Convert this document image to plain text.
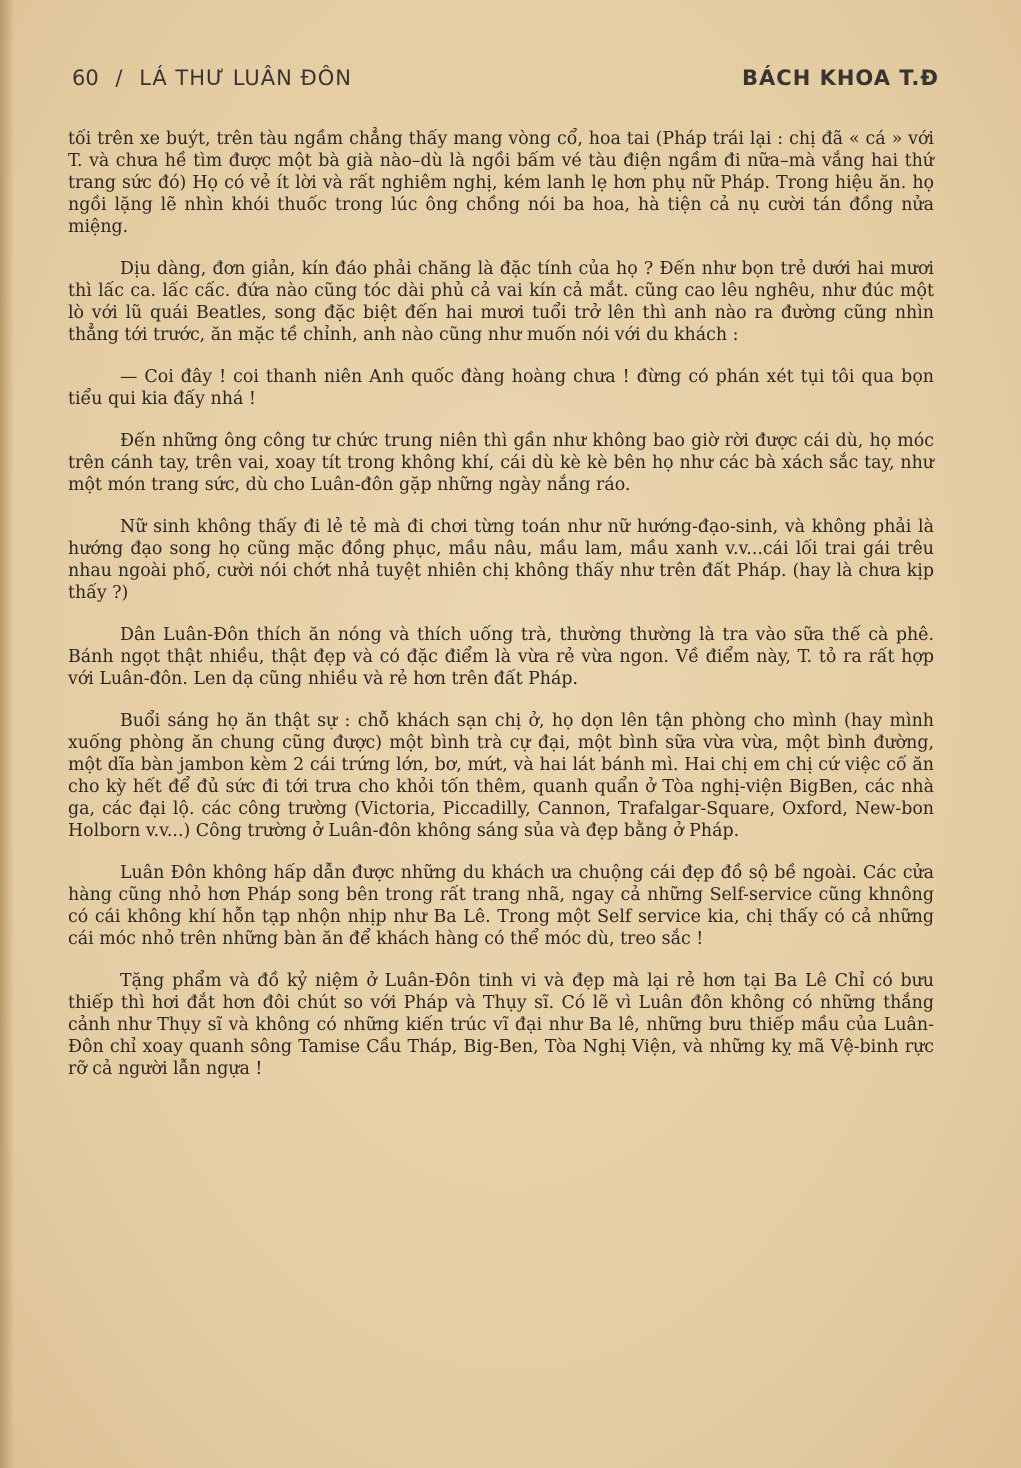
60 / LÁ THƯ LUÂN ĐÔN	BÁCH KHOA T.Đ

tối trên xe buýt, trên tàu ngầm chẳng thấy mang vòng cổ, hoa tai (Pháp trái lại : chị đã « cá » với T. và chưa hề tìm được một bà già nào–dù là ngồi bấm vé tàu điện ngầm đi nữa–mà vắng hai thứ trang sức đó) Họ có vẻ ít lời và rất nghiêm nghị, kém lanh lẹ hơn phụ nữ Pháp. Trong hiệu ăn. họ ngồi lặng lẽ nhìn khói thuốc trong lúc ông chồng nói ba hoa, hà tiện cả nụ cười tán đồng nửa miệng.

Dịu dàng, đơn giản, kín đáo phải chăng là đặc tính của họ ? Đến như bọn trẻ dưới hai mươi thì lấc ca. lấc cấc. đứa nào cũng tóc dài phủ cả vai kín cả mắt. cũng cao lêu nghêu, như đúc một lò với lũ quái Beatles, song đặc biệt đến hai mươi tuổi trở lên thì anh nào ra đường cũng nhìn thẳng tới trước, ăn mặc tề chỉnh, anh nào cũng như muốn nói với du khách :

— Coi đây ! coi thanh niên Anh quốc đàng hoàng chưa ! đừng có phán xét tụi tôi qua bọn tiểu qui kia đấy nhá !

Đến những ông công tư chức trung niên thì gần như không bao giờ rời được cái dù, họ móc trên cánh tay, trên vai, xoay tít trong không khí, cái dù kè kè bên họ như các bà xách sắc tay, như một món trang sức, dù cho Luân-đôn gặp những ngày nắng ráo.

Nữ sinh không thấy đi lẻ tẻ mà đi chơi từng toán như nữ hướng-đạo-sinh, và không phải là hướng đạo song họ cũng mặc đồng phục, mầu nâu, mầu lam, mầu xanh v.v...cái lối trai gái trêu nhau ngoài phố, cười nói chớt nhả tuyệt nhiên chị không thấy như trên đất Pháp. (hay là chưa kịp thấy ?)

Dân Luân-Đôn thích ăn nóng và thích uống trà, thường thường là tra vào sữa thế cà phê. Bánh ngọt thật nhiều, thật đẹp và có đặc điểm là vừa rẻ vừa ngon. Về điểm này, T. tỏ ra rất hợp với Luân-đôn. Len dạ cũng nhiều và rẻ hơn trên đất Pháp.

Buổi sáng họ ăn thật sự : chỗ khách sạn chị ở, họ dọn lên tận phòng cho mình (hay mình xuống phòng ăn chung cũng được) một bình trà cự đại, một bình sữa vừa vừa, một bình đường, một dĩa bàn jambon kèm 2 cái trứng lớn, bơ, mứt, và hai lát bánh mì. Hai chị em chị cứ việc cố ăn cho kỳ hết để đủ sức đi tới trưa cho khỏi tốn thêm, quanh quẩn ở Tòa nghị-viện BigBen, các nhà ga, các đại lộ. các công trường (Victoria, Piccadilly, Cannon, Trafalgar-Square, Oxford, New-bon Holborn v.v...) Công trường ở Luân-đôn không sáng sủa và đẹp bằng ở Pháp.

Luân Đôn không hấp dẫn được những du khách ưa chuộng cái đẹp đồ sộ bề ngoài. Các cửa hàng cũng nhỏ hơn Pháp song bên trong rất trang nhã, ngay cả những Self-service cũng khnông có cái không khí hỗn tạp nhộn nhịp như Ba Lê. Trong một Self service kia, chị thấy có cả những cái móc nhỏ trên những bàn ăn để khách hàng có thể móc dù, treo sắc !

Tặng phẩm và đồ kỷ niệm ở Luân-Đôn tinh vi và đẹp mà lại rẻ hơn tại Ba Lê Chỉ có bưu thiếp thì hơi đắt hơn đôi chút so với Pháp và Thụy sĩ. Có lẽ vì Luân đôn không có những thắng cảnh như Thụy sĩ và không có những kiến trúc vĩ đại như Ba lê, những bưu thiếp mầu của Luân-Đôn chỉ xoay quanh sông Tamise Cầu Tháp, Big-Ben, Tòa Nghị Viện, và những kỵ mã Vệ-binh rực rỡ cả người lẫn ngựa !
